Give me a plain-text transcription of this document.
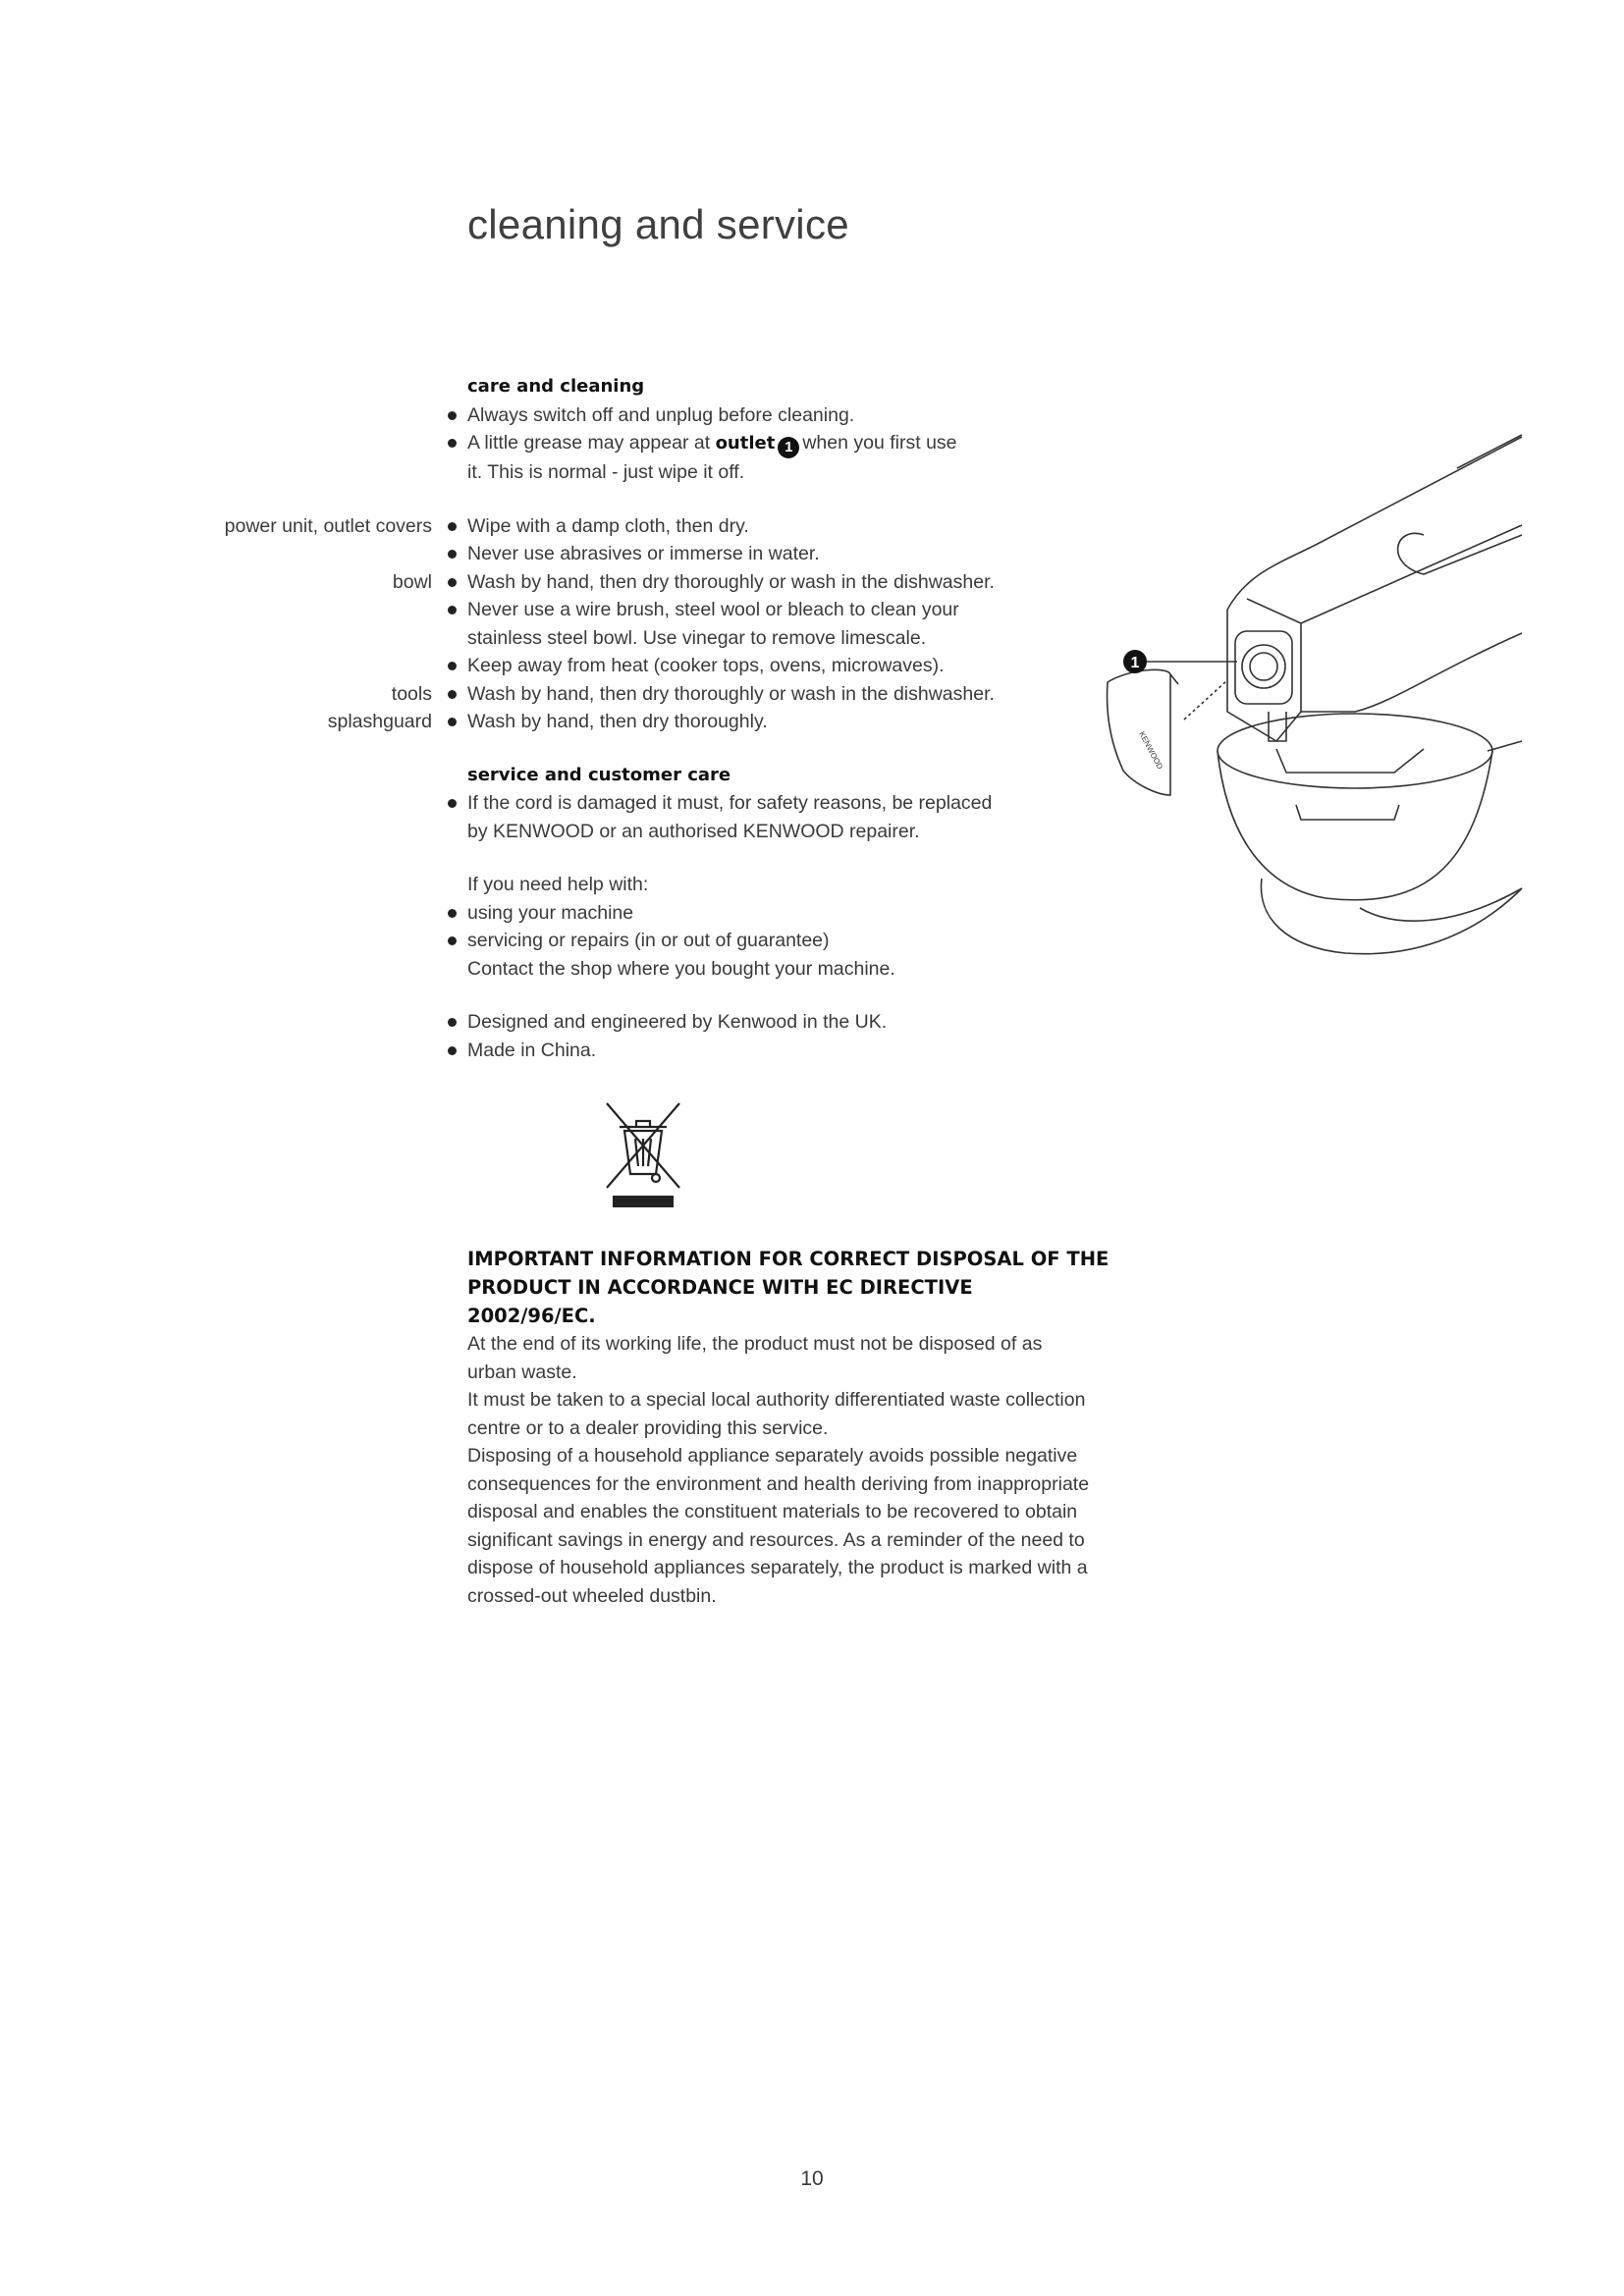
cleaning and service
care and cleaning
Always switch off and unplug before cleaning.
A little grease may appear at outlet 1 when you first use
it. This is normal - just wipe it off.
power unit, outlet covers Wipe with a damp cloth, then dry.
Never use abrasives or immerse in water.
bowl Wash by hand, then dry thoroughly or wash in the dishwasher.
Never use a wire brush, steel wool or bleach to clean your
stainless steel bowl. Use vinegar to remove limescale.
Keep away from heat (cooker tops, ovens, microwaves).
tools Wash by hand, then dry thoroughly or wash in the dishwasher.
splashguard Wash by hand, then dry thoroughly.
service and customer care
If the cord is damaged it must, for safety reasons, be replaced
by KENWOOD or an authorised KENWOOD repairer.
If you need help with:
using your machine
servicing or repairs (in or out of guarantee)
Contact the shop where you bought your machine.
Designed and engineered by Kenwood in the UK.
Made in China.
IMPORTANT INFORMATION FOR CORRECT DISPOSAL OF THE
PRODUCT IN ACCORDANCE WITH EC DIRECTIVE
2002/96/EC.
At the end of its working life, the product must not be disposed of as
urban waste.
It must be taken to a special local authority differentiated waste collection
centre or to a dealer providing this service.
Disposing of a household appliance separately avoids possible negative
consequences for the environment and health deriving from inappropriate
disposal and enables the constituent materials to be recovered to obtain
significant savings in energy and resources. As a reminder of the need to
dispose of household appliances separately, the product is marked with a
crossed-out wheeled dustbin.
1
KENWOOD
10
